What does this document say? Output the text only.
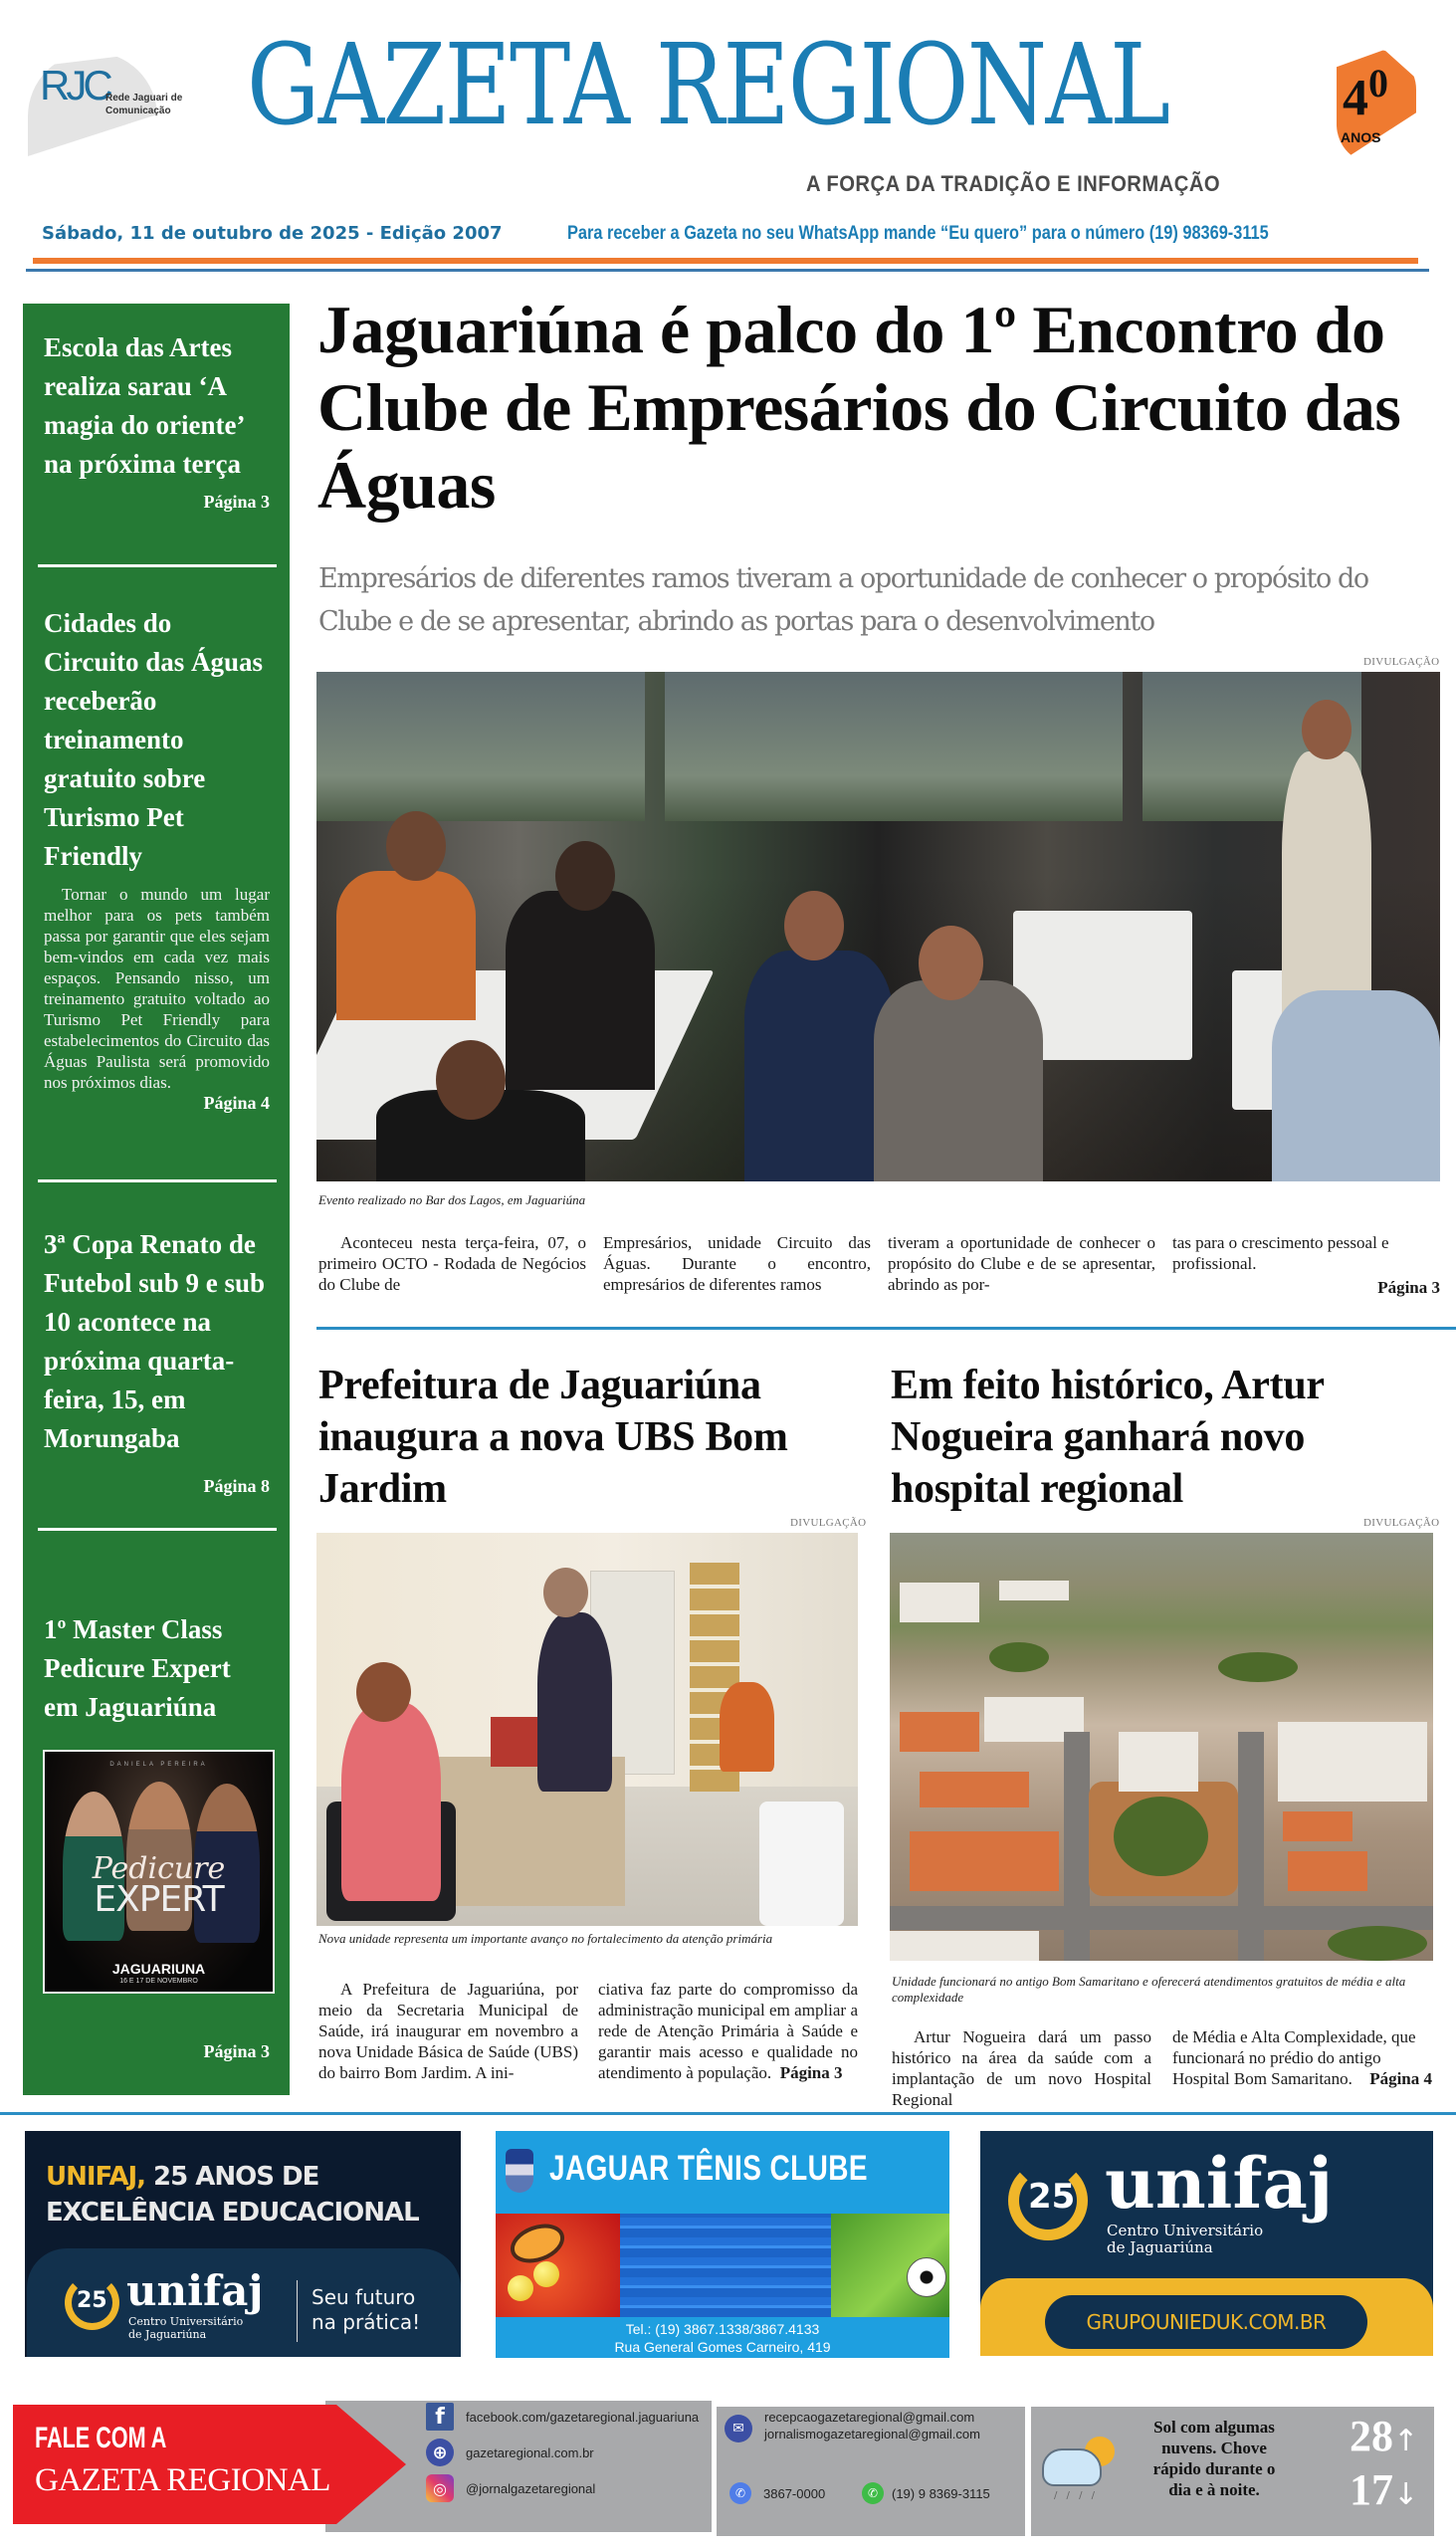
RJC
Rede Jaguari de Comunicação GAZETA REGIONAL	$4^0$
ANOS
A FORÇA DA TRADIÇÃO E INFORMAÇÃO
Sábado, 11 de outubro de 2025 - Edição 2007	Para receber a Gazeta no seu WhatsApp mande “Eu quero” para o número (19) 98369-3115
Escola das Artes realiza sarau ‘A magia do oriente’ na próxima terça
Página 3
Cidades do Circuito das Águas receberão treinamento gratuito sobre Turismo Pet Friendly
Tornar o mundo um lugar melhor para os pets também passa por garantir que eles sejam bem-vindos em cada vez mais espaços. Pensando nisso, um treinamento gratuito voltado ao Turismo Pet Friendly para estabelecimentos do Circuito das Águas Paulista será promovido nos próximos dias.
Página 4
3ª Copa Renato de Futebol sub 9 e sub 10 acontece na próxima quarta-feira, 15, em Morungaba
Página 8
1º Master Class Pedicure Expert em Jaguariúna
DANIELA PEREIRA
Pedicure
EXPERT
JAGUARIUNA
16 E 17 DE NOVEMBRO
Página 3
Jaguariúna é palco do 1º Encontro do Clube de Empresários do Circuito das Águas

Empresários de diferentes ramos tiveram a oportunidade de conhecer o propósito do Clube e de se apresentar, abrindo as portas para o desenvolvimento

DIVULGAÇÃO
Evento realizado no Bar dos Lagos, em Jaguariúna

Aconteceu nesta terça-feira, 07, o primeiro OCTO - Rodada de Negócios do Clube de

Empresários, unidade Circuito das Águas. Durante o encontro, empresários de diferentes ramos

tiveram a oportunidade de conhecer o propósito do Clube e de se apresentar, abrindo as por-

tas para o crescimento pessoal e profissional.

Página 3

Prefeitura de Jaguariúna inaugura a nova UBS Bom Jardim
DIVULGAÇÃO
Nova unidade representa um importante avanço no fortalecimento da atenção primária

A Prefeitura de Jaguariúna, por meio da Secretaria Municipal de Saúde, irá inaugurar em novembro a nova Unidade Básica de Saúde (UBS) do bairro Bom Jardim. A ini-

ciativa faz parte do compromisso da administração municipal em ampliar a rede de Atenção Primária à Saúde e garantir mais acesso e qualidade no atendimento à população. Página 3

Em feito histórico, Artur Nogueira ganhará novo hospital regional
DIVULGAÇÃO
Unidade funcionará no antigo Bom Samaritano e oferecerá atendimentos gratuitos de média e alta complexidade

Artur Nogueira dará um passo histórico na área da saúde com a implantação de um novo Hospital Regional

de Média e Alta Complexidade, que funcionará no prédio do antigo Hospital Bom Samaritano.	Página 4

UNIFAJ, 25 ANOS DE
EXCELÊNCIA EDUCACIONAL
25 unifaj
Centro Universitário
de Jaguariúna
Seu futuro
na prática!
JAGUAR TÊNIS CLUBE
Tel.: (19) 3867.1338/3867.4133
Rua General Gomes Carneiro, 419
25 unifaj
Centro Universitário
de Jaguariúna
GRUPOUNIEDUK.COM.BR
FALE COM A
GAZETA REGIONAL
f	facebook.com/gazetaregional.jaguariuna
⊕	gazetaregional.com.br
◎	@jornalgazetaregional
✉
recepcaogazetaregional@gmail.com
jornalismogazetaregional@gmail.com
✆	3867-0000	✆	(19) 9 8369-3115	/ / / /
Sol com algumas nuvens. Chove rápido durante o dia e à noite.
28↑
17↓
